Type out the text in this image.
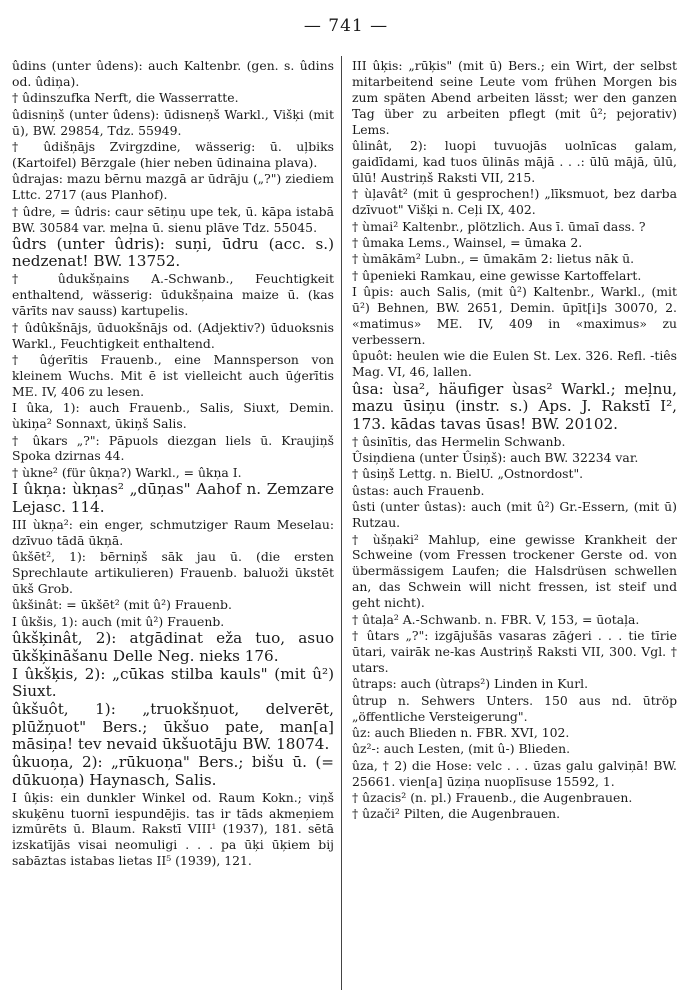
— 741 —

ûdins (unter ûdens): auch Kaltenbr. (gen. s. ûdins od. ûdiņa).

† ûdinszufka Nerft, die Wasserratte.

ûdisniņš (unter ûdens): ūdisneņš Warkl., Višķi (mit ū), BW. 29854, Tdz. 55949.

† ûdišņājs Zvirgzdine, wässerig: ū. uļbiks (Kartoifel) Bērzgale (hier neben ūdinaina plava).

ûdrajas: mazu bērnu mazgā ar ūdrāju („?") ziediem Lttc. 2717 (aus Planhof).

† ûdre, = ûdris: caur sētiņu upe tek, ū. kāpa istabā BW. 30584 var. meļna ū. sienu plāve Tdz. 55045.

ûdrs (unter ûdris): suņi, ūdru (acc. s.) nedzenat! BW. 13752.

† ûdukšņains A.-Schwanb., Feuchtigkeit enthaltend, wässerig: ūdukšņaina maize ū. (kas vārīts nav sauss) kartupelis.

† ûdûkšnājs, ūduokšnājs od. (Adjektiv?) ūduoksnis Warkl., Feuchtigkeit enthaltend.

† ûģerītis Frauenb., eine Mannsperson von kleinem Wuchs. Mit ē ist vielleicht auch ūģerītis ME. IV, 406 zu lesen.

I ûka, 1): auch Frauenb., Salis, Siuxt, Demin. ùkiņa² Sonnaxt, ūkiņš Salis.

† ûkars „?": Pāpuols diezgan liels ū. Kraujiņš Spoka dzirnas 44.

† ùkne² (für ûkņa?) Warkl., = ûkņa I.

I ûkņa: ùkņas² „dūņas" Aahof n. Zemzare Lejasc. 114.

III ùkņa²: ein enger, schmutziger Raum Meselau: dzīvuo tādā ūkņā.

ûkšēt², 1): bērniņš sāk jau ū. (die ersten Sprechlaute artikulieren) Frauenb. baluoži ūkstēt ūkš Grob.

ûkšinât: = ūkšēt² (mit û²) Frauenb.

I ûkšis, 1): auch (mit û²) Frauenb.

ûkšķinât, 2): atgādinat eža tuo, asuo ūkšķināšanu Delle Neg. nieks 176.

I ûkšķis, 2): „cūkas stilba kauls" (mit û²) Siuxt.

ûkšuôt, 1): „truokšņuot, delverēt, plūžņuot" Bers.; ūkšuo pate, man[a] māsiņa! tev nevaid ūkšuotāju BW. 18074.

ûkuoņa, 2): „rūkuoņa" Bers.; bišu ū. (= dūkuoņa) Haynasch, Salis.

I ûķis: ein dunkler Winkel od. Raum Kokn.; viņš skuķēnu tuornī iespundējis. tas ir tāds akmeņiem izmūrēts ū. Blaum. Rakstī VIII¹ (1937), 181. sētā izskatījās visai neomuligi . . . pa ūķi ūķiem bij sabāztas istabas lietas II⁵ (1939), 121.

III ûķis: „rūķis" (mit ū) Bers.; ein Wirt, der selbst mitarbeitend seine Leute vom frühen Morgen bis zum späten Abend arbeiten lässt; wer den ganzen Tag über zu arbeiten pflegt (mit û²; pejorativ) Lems.

ûlinât, 2): luopi tuvuojās uolnīcas galam, gaidīdami, kad tuos ūlinās mājā . . .: ūlū mājā, ūlū, ūlū! Austriņš Raksti VII, 215.

† ùļavât² (mit ū gesprochen!) „līksmuot, bez darba dzīvuot" Višķi n. Ceļi IX, 402.

† ùmai² Kaltenbr., plötzlich. Aus ī. ūmaī dass. ?

† ûmaka Lems., Wainsel, = ūmaka 2.

† ùmākām² Lubn., = ūmakām 2: lietus nāk ū.

† ûpenieki Ramkau, eine gewisse Kartoffelart.

I ûpis: auch Salis, (mit û²) Kaltenbr., Warkl., (mit ū²) Behnen, BW. 2651, Demin. ūpīt[i]s 30070, 2. «matimus» ME. IV, 409 in «maximus» zu verbessern.

ûpuôt: heulen wie die Eulen St. Lex. 326. Refl. -tiês Mag. VI, 46, lallen.

ûsa: ùsa², häufiger ùsas² Warkl.; meļnu, mazu ūsiņu (instr. s.) Aps. J. Rakstī I², 173. kādas tavas ūsas! BW. 20102.

† ûsinītis, das Hermelin Schwanb.

Ûsiņdiena (unter Ûsiņš): auch BW. 32234 var.

† ûsiņš Lettg. n. BielU. „Ostnordost".

ûstas: auch Frauenb.

ûsti (unter ûstas): auch (mit û²) Gr.-Essern, (mit ū) Rutzau.

† ùšņaki² Mahlup, eine gewisse Krankheit der Schweine (vom Fressen trockener Gerste od. von übermässigem Laufen; die Halsdrüsen schwellen an, das Schwein will nicht fressen, ist steif und geht nicht).

† ûtaļa² A.-Schwanb. n. FBR. V, 153, = ūotaļa.

† ûtars „?": izgājušās vasaras zāģeri . . . tie tīrie ūtari, vairāk ne-kas Austriņš Raksti VII, 300. Vgl. † utars.

ûtraps: auch (ùtraps²) Linden in Kurl.

ûtrup n. Sehwers Unters. 150 aus nd. ūtröp „öffentliche Versteigerung".

ûz: auch Blieden n. FBR. XVI, 102.

ûz²-: auch Lesten, (mit û-) Blieden.

ûza, † 2) die Hose: velc . . . ūzas galu galviņā! BW. 25661. vien[a] ūziņa nuoplīsuse 15592, 1.

† ûzacis² (n. pl.) Frauenb., die Augenbrauen.

† ûzači² Pilten, die Augenbrauen.
